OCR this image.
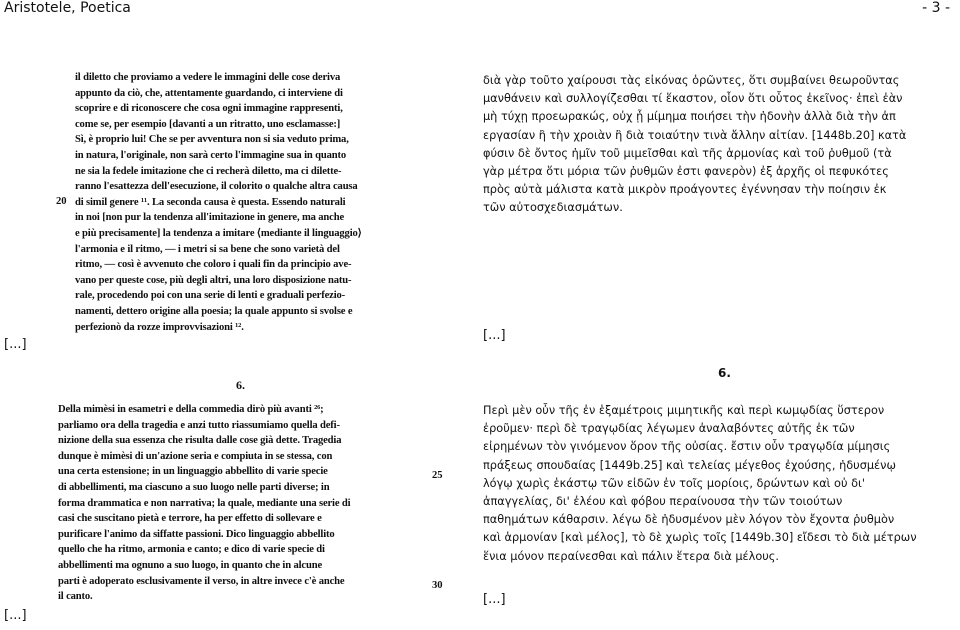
Aristotele, Poetica	- 3 -

il diletto che proviamo a vedere le immagini delle cose deriva

appunto da ciò, che, attentamente guardando, ci interviene di

scoprire e di riconoscere che cosa ogni immagine rappresenti,

come se, per esempio [davanti a un ritratto, uno esclamasse:]

Sì, è proprio lui! Che se per avventura non si sia veduto prima,

in natura, l'originale, non sarà certo l'immagine sua in quanto

ne sia la fedele imitazione che ci recherà diletto, ma ci dilette-

ranno l'esattezza dell'esecuzione, il colorito o qualche altra causa

di simil genere ¹¹. La seconda causa è questa. Essendo naturali

in noi [non pur la tendenza all'imitazione in genere, ma anche

e più precisamente] la tendenza a imitare ⟨mediante il linguaggio⟩

l'armonia e il ritmo, — i metri si sa bene che sono varietà del

ritmo, — così è avvenuto che coloro i quali fin da principio ave-

vano per queste cose, più degli altri, una loro disposizione natu-

rale, procedendo poi con una serie di lenti e graduali perfezio-

namenti, dettero origine alla poesia; la quale appunto si svolse e

perfezionò da rozze improvvisazioni ¹².

20
6.

Della mimèsi in esametri e della commedia dirò più avanti ²⁶;

parliamo ora della tragedia e anzi tutto riassumiamo quella defi-

nizione della sua essenza che risulta dalle cose già dette. Tragedia

dunque è mimèsi di un'azione seria e compiuta in se stessa, con

una certa estensione; in un linguaggio abbellito di varie specie

di abbellimenti, ma ciascuno a suo luogo nelle parti diverse; in

forma drammatica e non narrativa; la quale, mediante una serie di

casi che suscitano pietà e terrore, ha per effetto di sollevare e

purificare l'animo da siffatte passioni. Dico linguaggio abbellito

quello che ha ritmo, armonia e canto; e dico di varie specie di

abbellimenti ma ognuno a suo luogo, in quanto che in alcune

parti è adoperato esclusivamente il verso, in altre invece c'è anche

il canto.

25
30

διὰ γὰρ τοῦτο χαίρουσι τὰς εἰκόνας ὁρῶντες, ὅτι συμβαίνει θεωροῦντας

μανθάνειν καὶ συλλογίζεσθαι τί ἕκαστον, οἷον ὅτι οὗτος ἐκεῖνος· ἐπεὶ ἐὰν

μὴ τύχῃ προεωρακώς, οὐχ ᾗ μίμημα ποιήσει τὴν ἡδονὴν ἀλλὰ διὰ τὴν ἀπ

εργασίαν ἢ τὴν χροιὰν ἢ διὰ τοιαύτην τινὰ ἄλλην αἰτίαν. [1448b.20] κατὰ

φύσιν δὲ ὄντος ἡμῖν τοῦ μιμεῖσθαι καὶ τῆς ἁρμονίας καὶ τοῦ ῥυθμοῦ (τὰ

γὰρ μέτρα ὅτι μόρια τῶν ῥυθμῶν ἐστι φανερὸν) ἐξ ἀρχῆς οἱ πεφυκότες

πρὸς αὐτὰ μάλιστα κατὰ μικρὸν προάγοντες ἐγέννησαν τὴν ποίησιν ἐκ

τῶν αὐτοσχεδιασμάτων.

[...]
[...]
6.

Περὶ μὲν οὖν τῆς ἐν ἑξαμέτροις μιμητικῆς καὶ περὶ κωμῳδίας ὕστερον

ἐροῦμεν· περὶ δὲ τραγῳδίας λέγωμεν ἀναλαβόντες αὐτῆς ἐκ τῶν

εἰρημένων τὸν γινόμενον ὅρον τῆς οὐσίας. ἔστιν οὖν τραγῳδία μίμησις

πράξεως σπουδαίας [1449b.25] καὶ τελείας μέγεθος ἐχούσης, ἡδυσμένῳ

λόγῳ χωρὶς ἑκάστῳ τῶν εἰδῶν ἐν τοῖς μορίοις, δρώντων καὶ οὐ δι'

ἀπαγγελίας, δι' ἐλέου καὶ φόβου περαίνουσα τὴν τῶν τοιούτων

παθημάτων κάθαρσιν. λέγω δὲ ἡδυσμένον μὲν λόγον τὸν ἔχοντα ῥυθμὸν

καὶ ἁρμονίαν [καὶ μέλος], τὸ δὲ χωρὶς τοῖς [1449b.30] εἴδεσι τὸ διὰ μέτρων

ἕνια μόνον περαίνεσθαι καὶ πάλιν ἕτερα διὰ μέλους.

[...]
[...]
